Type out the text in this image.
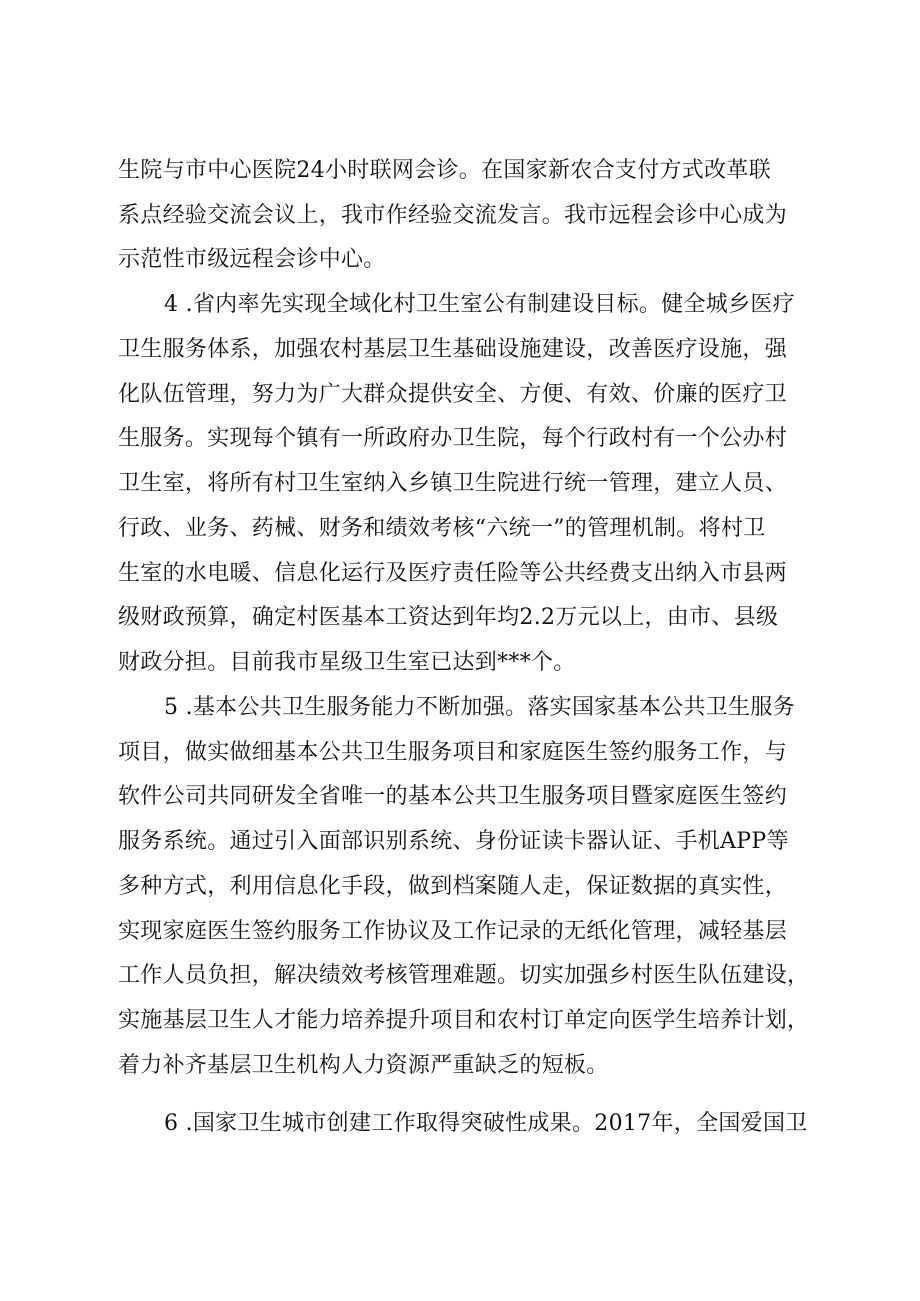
生院与市中心医院24小时联网会诊。在国家新农合支付方式改革联
系点经验交流会议上，我市作经验交流发言。我市远程会诊中心成为
示范性市级远程会诊中心。
4 .省内率先实现全域化村卫生室公有制建设目标。健全城乡医疗
卫生服务体系，加强农村基层卫生基础设施建设，改善医疗设施，强
化队伍管理，努力为广大群众提供安全、方便、有效、价廉的医疗卫
生服务。实现每个镇有一所政府办卫生院，每个行政村有一个公办村
卫生室，将所有村卫生室纳入乡镇卫生院进行统一管理，建立人员、
行政、业务、药械、财务和绩效考核“六统一”的管理机制。将村卫
生室的水电暖、信息化运行及医疗责任险等公共经费支出纳入市县两
级财政预算，确定村医基本工资达到年均2.2万元以上，由市、县级
财政分担。目前我市星级卫生室已达到***个。
5 .基本公共卫生服务能力不断加强。落实国家基本公共卫生服务
项目，做实做细基本公共卫生服务项目和家庭医生签约服务工作，与
软件公司共同研发全省唯一的基本公共卫生服务项目暨家庭医生签约
服务系统。通过引入面部识别系统、身份证读卡器认证、手机APP等
多种方式，利用信息化手段，做到档案随人走，保证数据的真实性，
实现家庭医生签约服务工作协议及工作记录的无纸化管理，减轻基层
工作人员负担，解决绩效考核管理难题。切实加强乡村医生队伍建设，
实施基层卫生人才能力培养提升项目和农村订单定向医学生培养计划，
着力补齐基层卫生机构人力资源严重缺乏的短板。
6 .国家卫生城市创建工作取得突破性成果。2017年，全国爱国卫
